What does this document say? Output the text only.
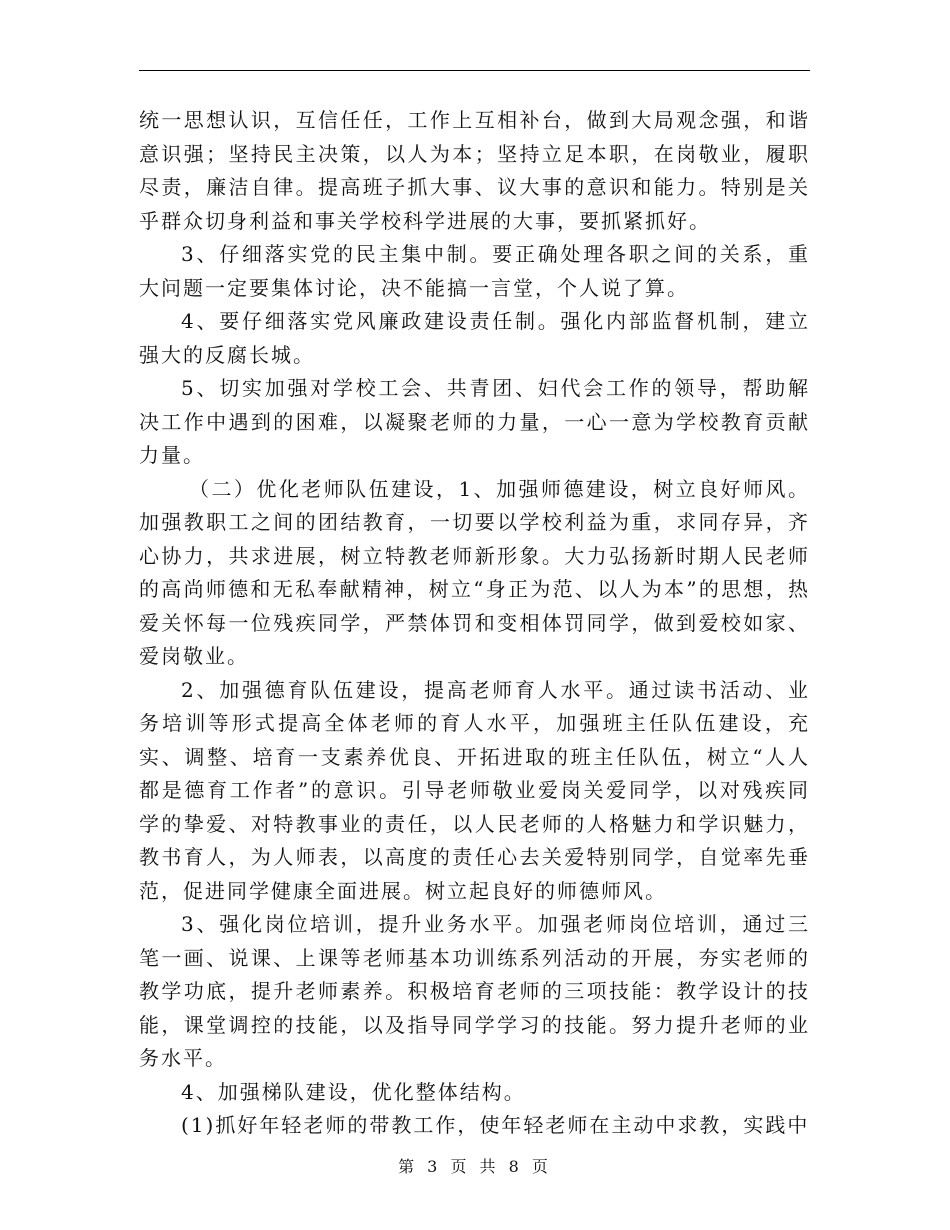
统一思想认识，互信任任，工作上互相补台，做到大局观念强，和谐意识强；坚持民主决策，以人为本；坚持立足本职，在岗敬业，履职尽责，廉洁自律。提高班子抓大事、议大事的意识和能力。特别是关乎群众切身利益和事关学校科学进展的大事，要抓紧抓好。

3、仔细落实党的民主集中制。要正确处理各职之间的关系，重大问题一定要集体讨论，决不能搞一言堂，个人说了算。

4、要仔细落实党风廉政建设责任制。强化内部监督机制，建立强大的反腐长城。

5、切实加强对学校工会、共青团、妇代会工作的领导，帮助解决工作中遇到的困难，以凝聚老师的力量，一心一意为学校教育贡献力量。

（二）优化老师队伍建设，1、加强师德建设，树立良好师风。加强教职工之间的团结教育，一切要以学校利益为重，求同存异，齐心协力，共求进展，树立特教老师新形象。大力弘扬新时期人民老师的高尚师德和无私奉献精神，树立“身正为范、以人为本”的思想，热爱关怀每一位残疾同学，严禁体罚和变相体罚同学，做到爱校如家、爱岗敬业。

2、加强德育队伍建设，提高老师育人水平。通过读书活动、业务培训等形式提高全体老师的育人水平，加强班主任队伍建设，充实、调整、培育一支素养优良、开拓进取的班主任队伍，树立“人人都是德育工作者”的意识。引导老师敬业爱岗关爱同学，以对残疾同学的挚爱、对特教事业的责任，以人民老师的人格魅力和学识魅力，教书育人，为人师表，以高度的责任心去关爱特别同学，自觉率先垂范，促进同学健康全面进展。树立起良好的师德师风。

3、强化岗位培训，提升业务水平。加强老师岗位培训，通过三笔一画、说课、上课等老师基本功训练系列活动的开展，夯实老师的教学功底，提升老师素养。积极培育老师的三项技能：教学设计的技能，课堂调控的技能，以及指导同学学习的技能。努力提升老师的业务水平。

4、加强梯队建设，优化整体结构。

(1)抓好年轻老师的带教工作，使年轻老师在主动中求教，实践中

第 3 页 共 8 页
